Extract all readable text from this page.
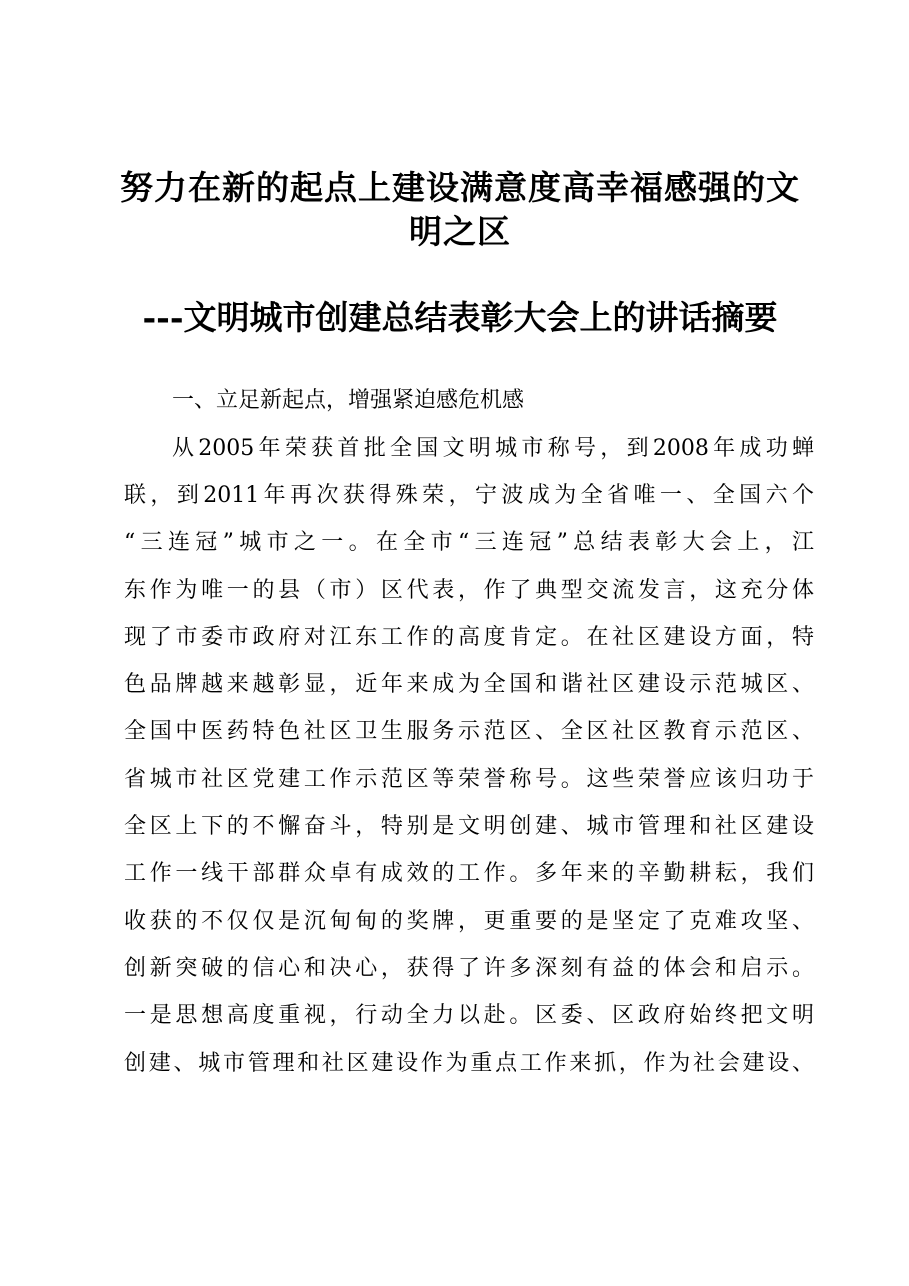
努力在新的起点上建设满意度高幸福感强的文
明之区
---文明城市创建总结表彰大会上的讲话摘要
一、立足新起点，增强紧迫感危机感
从2005年荣获首批全国文明城市称号，到2008年成功蝉
联，到2011年再次获得殊荣，宁波成为全省唯一、全国六个
“三连冠”城市之一。在全市“三连冠”总结表彰大会上，江
东作为唯一的县（市）区代表，作了典型交流发言，这充分体
现了市委市政府对江东工作的高度肯定。在社区建设方面，特
色品牌越来越彰显，近年来成为全国和谐社区建设示范城区、
全国中医药特色社区卫生服务示范区、全区社区教育示范区、
省城市社区党建工作示范区等荣誉称号。这些荣誉应该归功于
全区上下的不懈奋斗，特别是文明创建、城市管理和社区建设
工作一线干部群众卓有成效的工作。多年来的辛勤耕耘，我们
收获的不仅仅是沉甸甸的奖牌，更重要的是坚定了克难攻坚、
创新突破的信心和决心，获得了许多深刻有益的体会和启示。
一是思想高度重视，行动全力以赴。区委、区政府始终把文明
创建、城市管理和社区建设作为重点工作来抓，作为社会建设、
